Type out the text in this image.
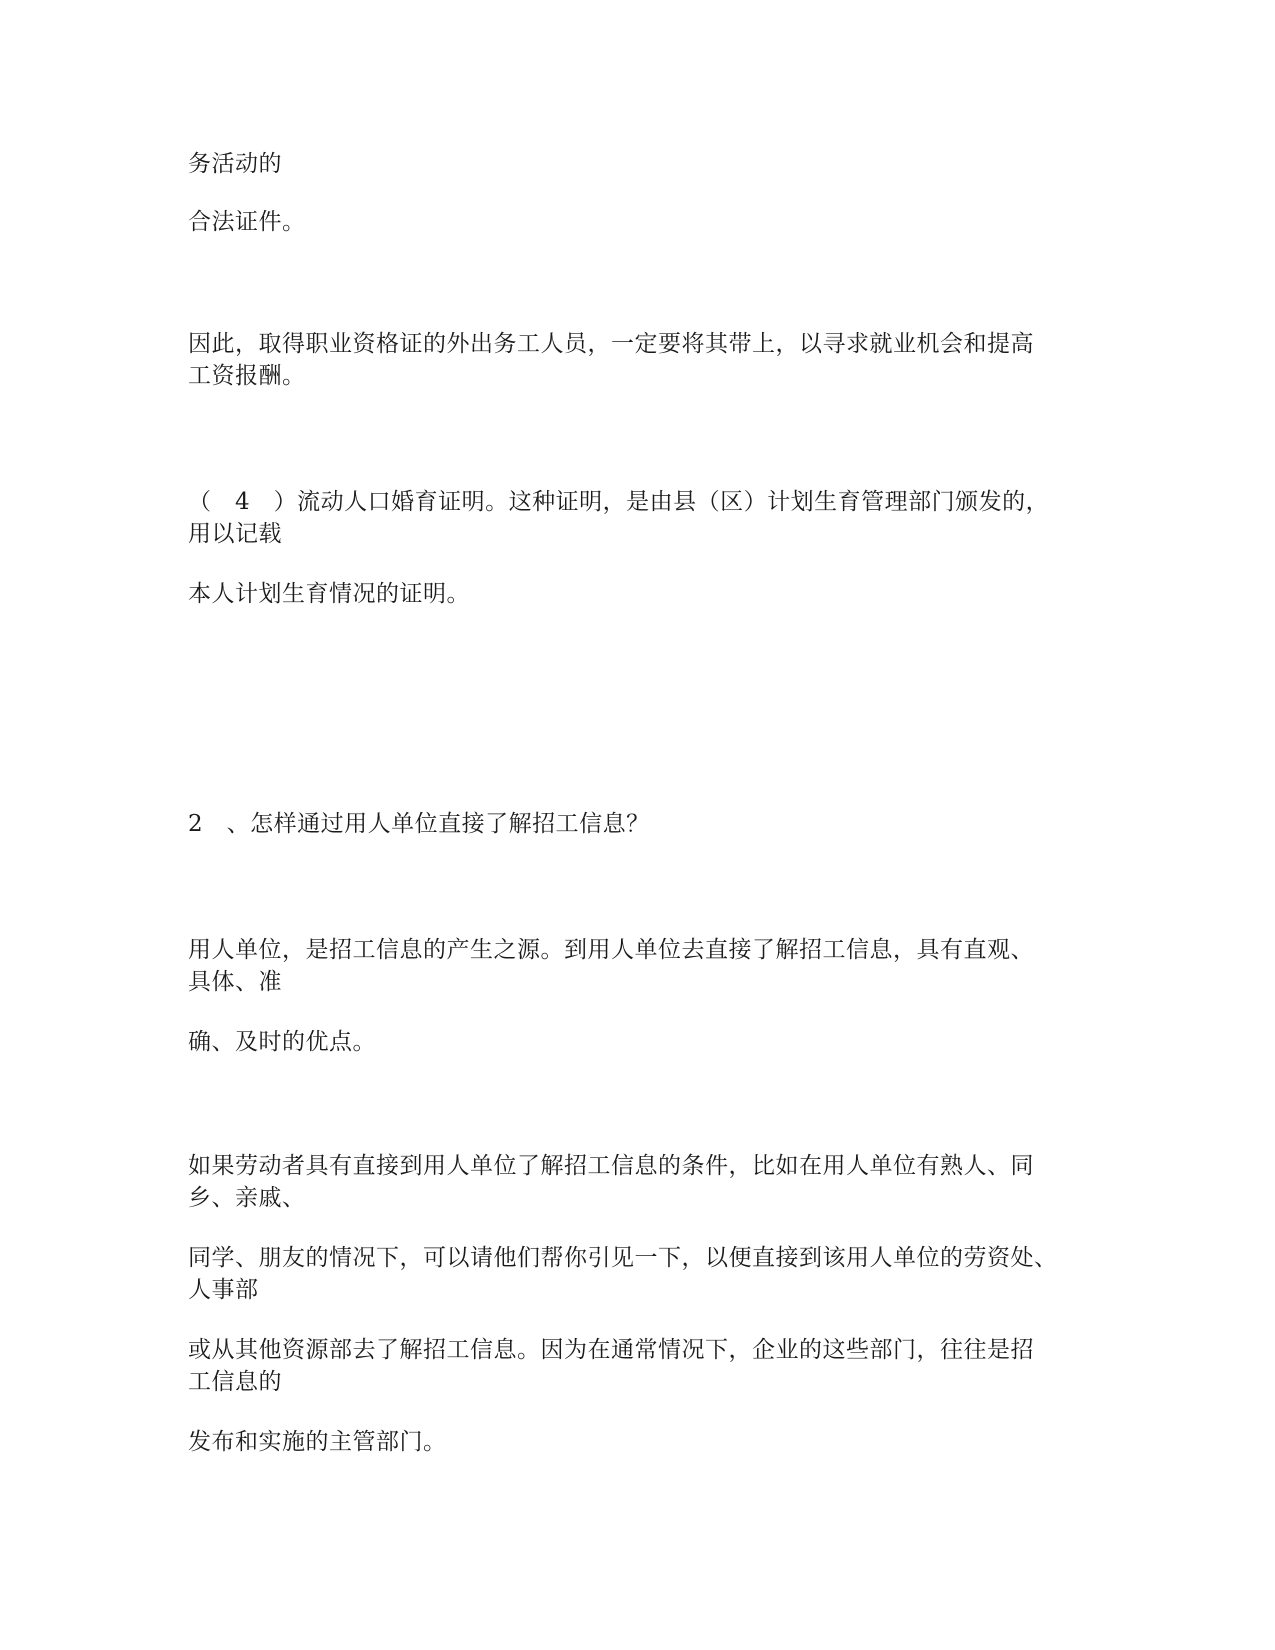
务活动的
合法证件。
因此，取得职业资格证的外出务工人员，一定要将其带上，以寻求就业机会和提高
工资报酬。
（　4　）流动人口婚育证明。这种证明，是由县（区）计划生育管理部门颁发的，
用以记载
本人计划生育情况的证明。
2　、怎样通过用人单位直接了解招工信息？
用人单位，是招工信息的产生之源。到用人单位去直接了解招工信息，具有直观、
具体、准
确、及时的优点。
如果劳动者具有直接到用人单位了解招工信息的条件，比如在用人单位有熟人、同
乡、亲戚、
同学、朋友的情况下，可以请他们帮你引见一下，以便直接到该用人单位的劳资处、
人事部
或从其他资源部去了解招工信息。因为在通常情况下，企业的这些部门，往往是招
工信息的
发布和实施的主管部门。
